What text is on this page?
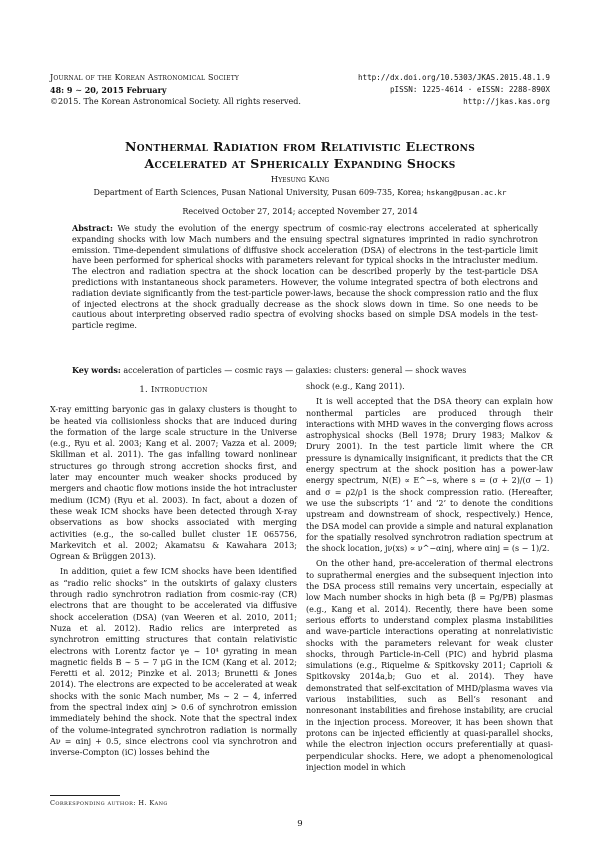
Journal of the Korean Astronomical Society
48: 9 ∼ 20, 2015 February
©2015. The Korean Astronomical Society. All rights reserved.
http://dx.doi.org/10.5303/JKAS.2015.48.1.9
pISSN: 1225-4614 · eISSN: 2288-890X
http://jkas.kas.org
Nonthermal Radiation from Relativistic Electrons
Accelerated at Spherically Expanding Shocks
Hyesung Kang
Department of Earth Sciences, Pusan National University, Pusan 609-735, Korea; hskang@pusan.ac.kr
Received October 27, 2014; accepted November 27, 2014
Abstract: We study the evolution of the energy spectrum of cosmic-ray electrons accelerated at spherically expanding shocks with low Mach numbers and the ensuing spectral signatures imprinted in radio synchrotron emission. Time-dependent simulations of diffusive shock acceleration (DSA) of electrons in the test-particle limit have been performed for spherical shocks with parameters relevant for typical shocks in the intracluster medium. The electron and radiation spectra at the shock location can be described properly by the test-particle DSA predictions with instantaneous shock parameters. However, the volume integrated spectra of both electrons and radiation deviate significantly from the test-particle power-laws, because the shock compression ratio and the flux of injected electrons at the shock gradually decrease as the shock slows down in time. So one needs to be cautious about interpreting observed radio spectra of evolving shocks based on simple DSA models in the test-particle regime.
Key words: acceleration of particles — cosmic rays — galaxies: clusters: general — shock waves
1. Introduction

X-ray emitting baryonic gas in galaxy clusters is thought to be heated via collisionless shocks that are induced during the formation of the large scale structure in the Universe (e.g., Ryu et al. 2003; Kang et al. 2007; Vazza et al. 2009; Skillman et al. 2011). The gas infalling toward nonlinear structures go through strong accretion shocks first, and later may encounter much weaker shocks produced by mergers and chaotic flow motions inside the hot intracluster medium (ICM) (Ryu et al. 2003). In fact, about a dozen of these weak ICM shocks have been detected through X-ray observations as bow shocks associated with merging activities (e.g., the so-called bullet cluster 1E 065756, Markevitch et al. 2002; Akamatsu & Kawahara 2013; Ogrean & Brüggen 2013).

In addition, quiet a few ICM shocks have been identified as “radio relic shocks” in the outskirts of galaxy clusters through radio synchrotron radiation from cosmic-ray (CR) electrons that are thought to be accelerated via diffusive shock acceleration (DSA) (van Weeren et al. 2010, 2011; Nuza et al. 2012). Radio relics are interpreted as synchrotron emitting structures that contain relativistic electrons with Lorentz factor γe ∼ 10⁴ gyrating in mean magnetic fields B ∼ 5 − 7 μG in the ICM (Kang et al. 2012; Feretti et al. 2012; Pinzke et al. 2013; Brunetti & Jones 2014). The electrons are expected to be accelerated at weak shocks with the sonic Mach number, Ms ∼ 2 − 4, inferred from the spectral index αinj > 0.6 of synchrotron emission immediately behind the shock. Note that the spectral index of the volume-integrated synchrotron radiation is normally Aν = αinj + 0.5, since electrons cool via synchrotron and inverse-Compton (iC) losses behind the

shock (e.g., Kang 2011).

It is well accepted that the DSA theory can explain how nonthermal particles are produced through their interactions with MHD waves in the converging flows across astrophysical shocks (Bell 1978; Drury 1983; Malkov & Drury 2001). In the test particle limit where the CR pressure is dynamically insignificant, it predicts that the CR energy spectrum at the shock position has a power-law energy spectrum, N(E) ∝ E^−s, where s = (σ + 2)/(σ − 1) and σ = ρ2/ρ1 is the shock compression ratio. (Hereafter, we use the subscripts ‘1’ and ‘2’ to denote the conditions upstream and downstream of shock, respectively.) Hence, the DSA model can provide a simple and natural explanation for the spatially resolved synchrotron radiation spectrum at the shock location, jν(xs) ∝ ν^−αinj, where αinj = (s − 1)/2.

On the other hand, pre-acceleration of thermal electrons to suprathermal energies and the subsequent injection into the DSA process still remains very uncertain, especially at low Mach number shocks in high beta (β = Pg/PB) plasmas (e.g., Kang et al. 2014). Recently, there have been some serious efforts to understand complex plasma instabilities and wave-particle interactions operating at nonrelativistic shocks with the parameters relevant for weak cluster shocks, through Particle-in-Cell (PIC) and hybrid plasma simulations (e.g., Riquelme & Spitkovsky 2011; Caprioli & Spitkovsky 2014a,b; Guo et al. 2014). They have demonstrated that self-excitation of MHD/plasma waves via various instabilities, such as Bell’s resonant and nonresonant instabilities and firehose instability, are crucial in the injection process. Moreover, it has been shown that protons can be injected efficiently at quasi-parallel shocks, while the electron injection occurs preferentially at quasi-perpendicular shocks. Here, we adopt a phenomenological injection model in which

Corresponding author: H. Kang
9
